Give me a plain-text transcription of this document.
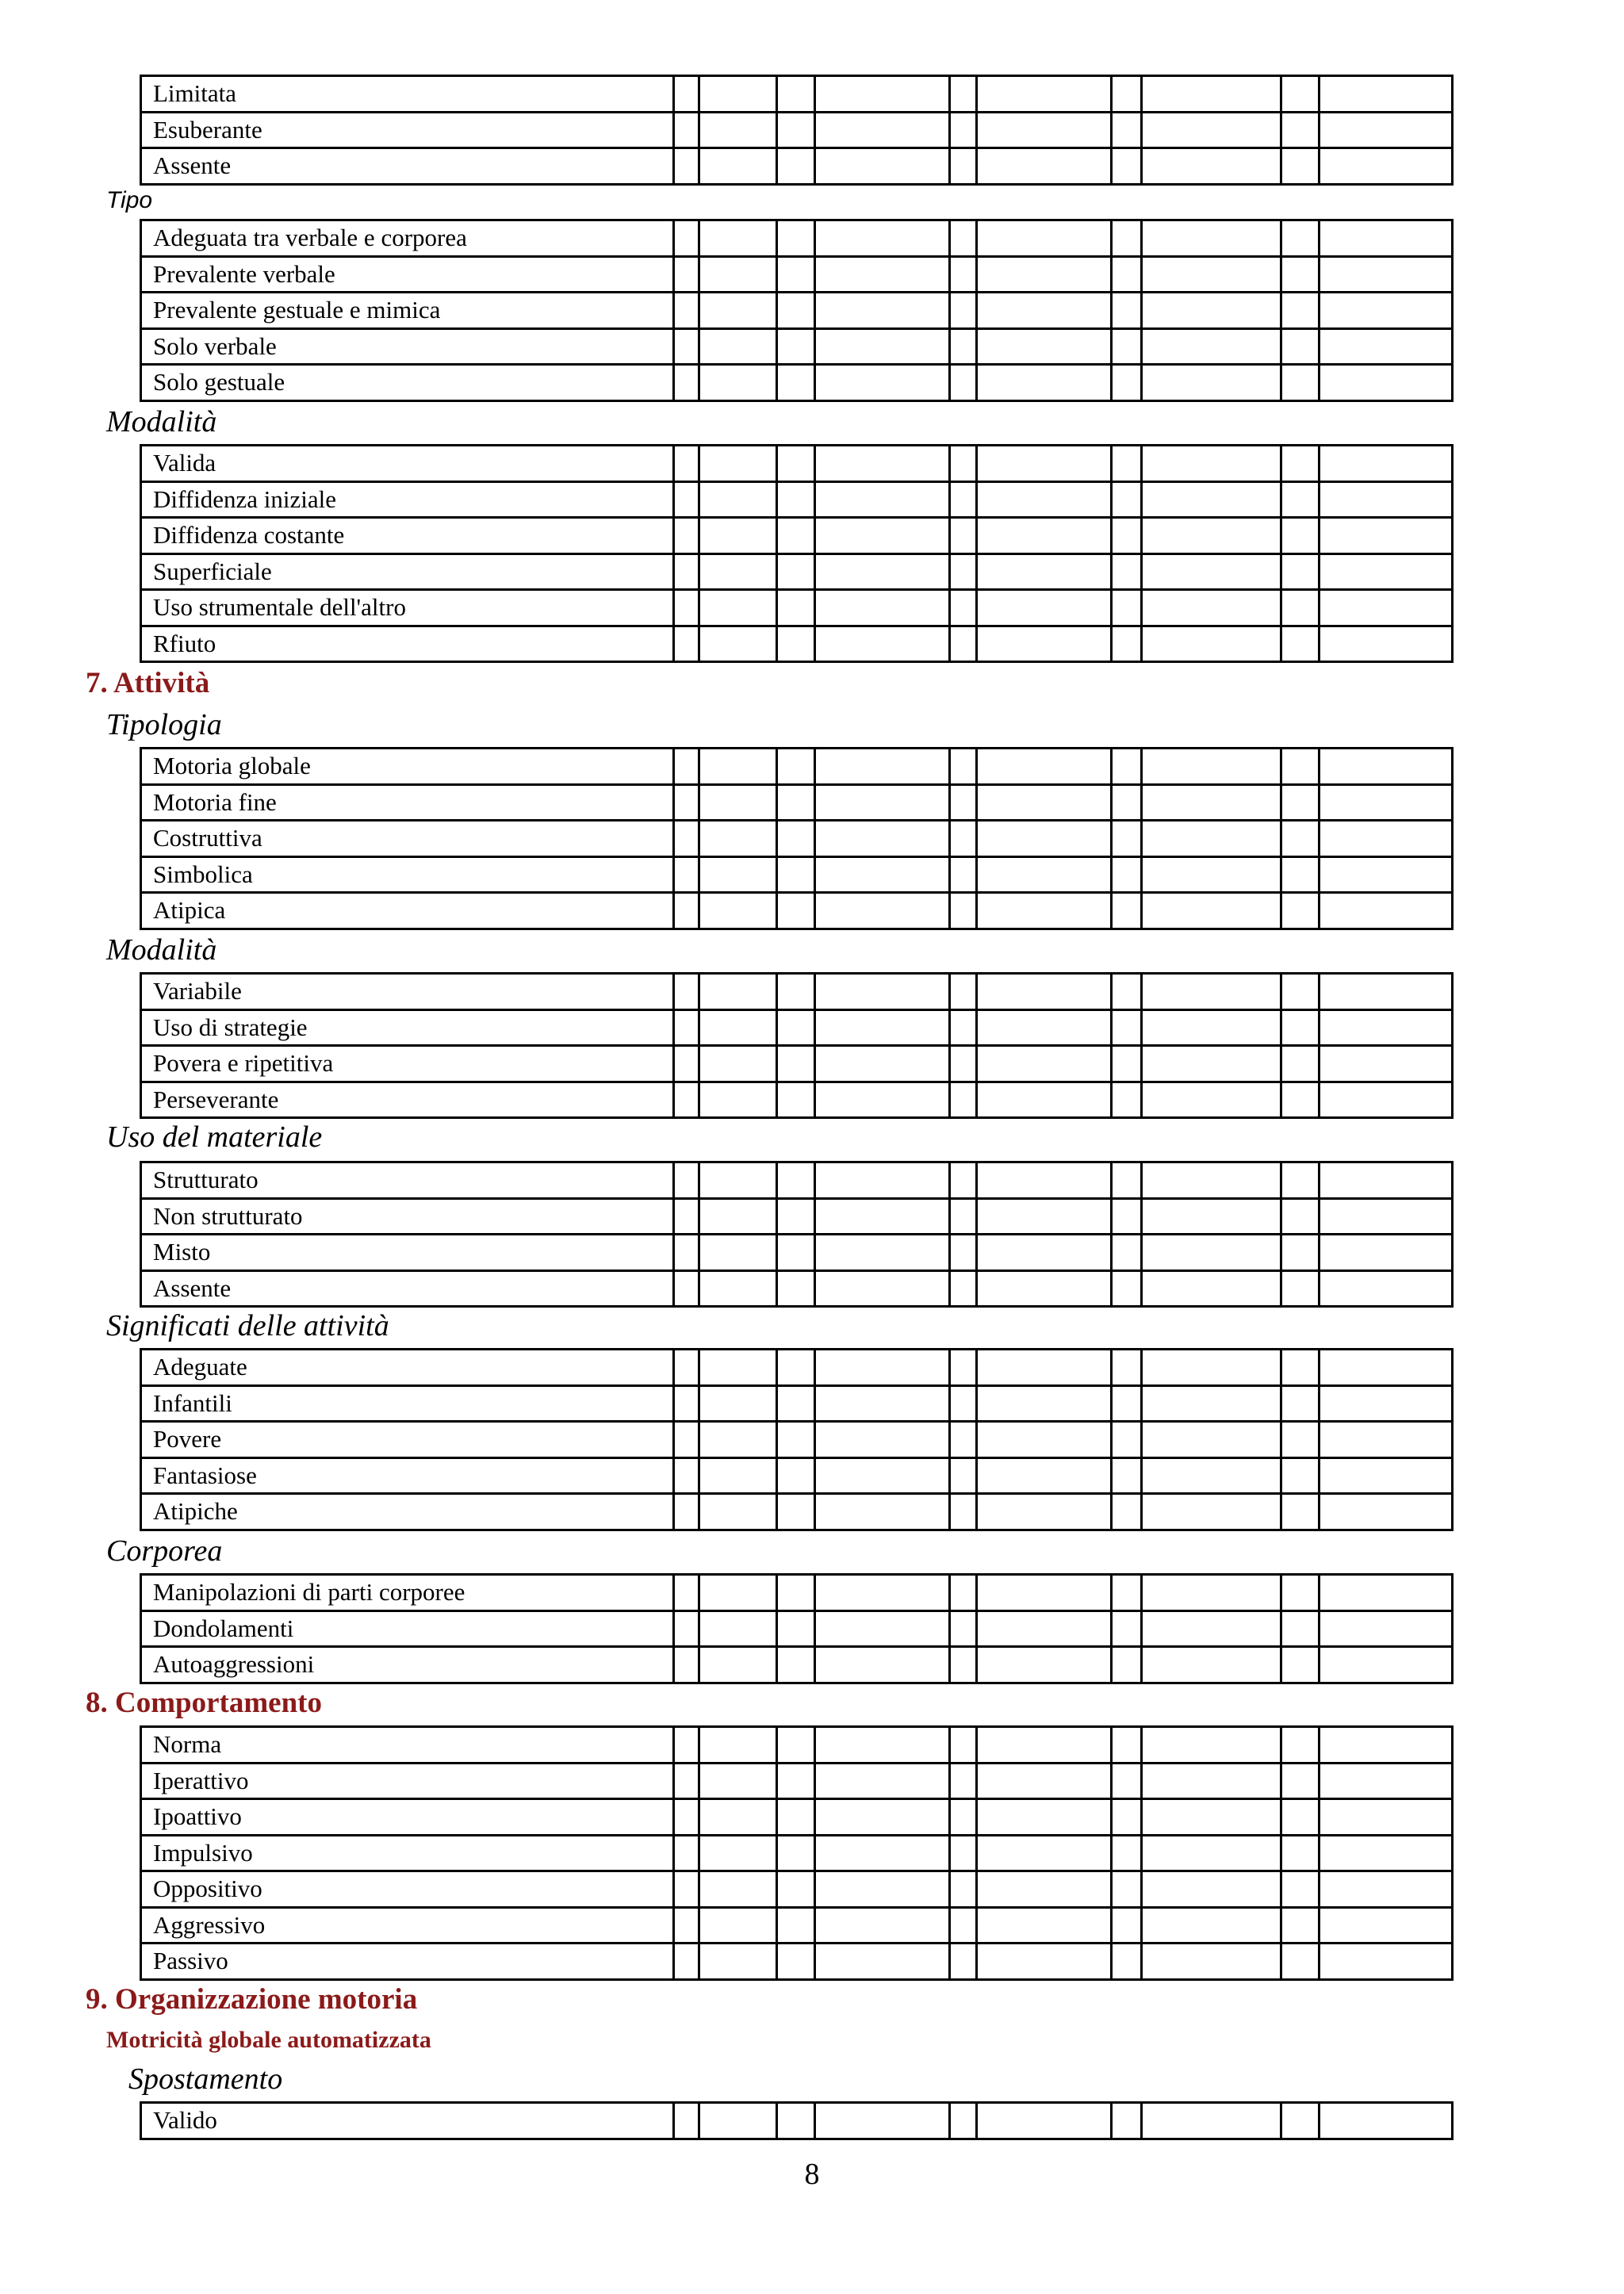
Limitata										
Esuberante										
Assente										
Tipo
Adeguata tra verbale e corporea										
Prevalente verbale										
Prevalente gestuale e mimica										
Solo verbale										
Solo gestuale										
Modalità
Valida										
Diffidenza iniziale										
Diffidenza costante										
Superficiale										
Uso strumentale dell'altro										
Rfiuto										
7. Attività
Tipologia
Motoria globale										
Motoria fine										
Costruttiva										
Simbolica										
Atipica										
Modalità
Variabile										
Uso di strategie										
Povera e ripetitiva										
Perseverante										
Uso del materiale
Strutturato										
Non strutturato										
Misto										
Assente										
Significati delle attività
Adeguate										
Infantili										
Povere										
Fantasiose										
Atipiche										
Corporea
Manipolazioni di parti corporee										
Dondolamenti										
Autoaggressioni										
8. Comportamento
Norma										
Iperattivo										
Ipoattivo										
Impulsivo										
Oppositivo										
Aggressivo										
Passivo										
9. Organizzazione motoria
Motricità globale automatizzata
Spostamento
Valido										
8
